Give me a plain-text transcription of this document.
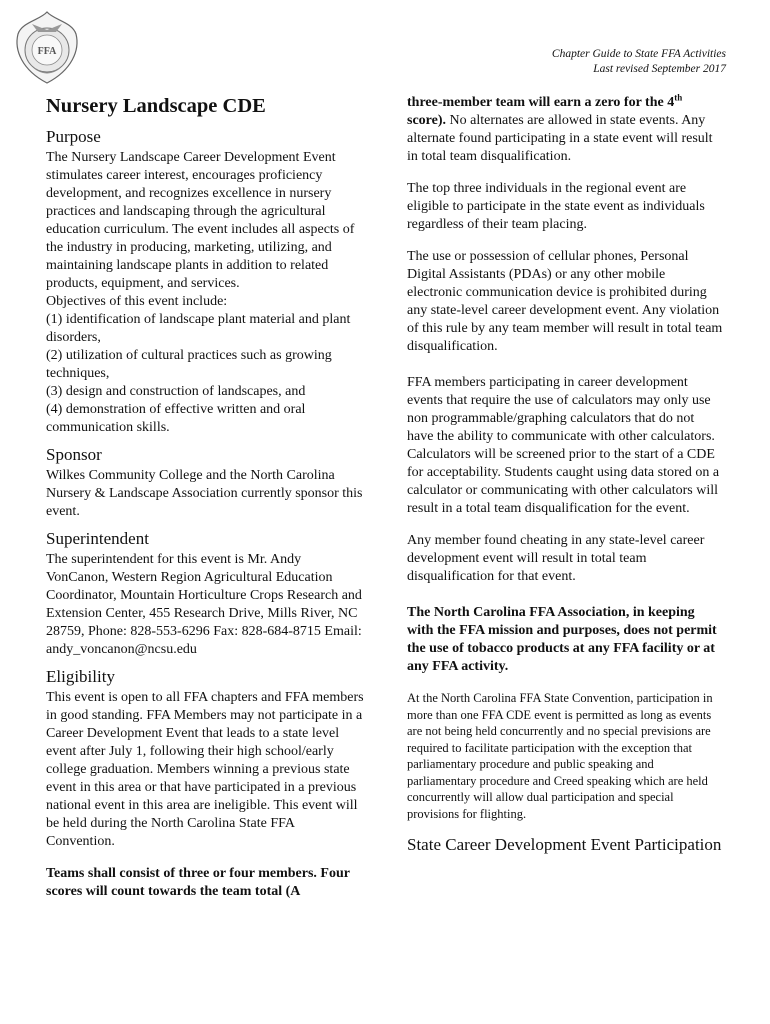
FFA	Chapter Guide to State FFA Activities
Last revised September 2017
Nursery Landscape CDE
Purpose

The Nursery Landscape Career Development Event stimulates career interest, encourages proficiency development, and recognizes excellence in nursery practices and landscaping through the agricultural education curriculum. The event includes all aspects of the industry in producing, marketing, utilizing, and maintaining landscape plants in addition to related products, equipment, and services.

Objectives of this event include:

(1) identification of landscape plant material and plant disorders,

(2) utilization of cultural practices such as growing techniques,

(3) design and construction of landscapes, and

(4) demonstration of effective written and oral communication skills.

Sponsor

Wilkes Community College and the North Carolina Nursery & Landscape Association currently sponsor this event.

Superintendent

The superintendent for this event is Mr. Andy VonCanon, Western Region Agricultural Education Coordinator, Mountain Horticulture Crops Research and Extension Center, 455 Research Drive, Mills River, NC 28759, Phone: 828-553-6296 Fax: 828-684-8715 Email: andy_voncanon@ncsu.edu

Eligibility

This event is open to all FFA chapters and FFA members in good standing. FFA Members may not participate in a Career Development Event that leads to a state level event after July 1, following their high school/early college graduation. Members winning a previous state event in this area or that have participated in a previous national event in this area are ineligible. This event will be held during the North Carolina State FFA Convention.

Teams shall consist of three or four members. Four scores will count towards the team total (A

three-member team will earn a zero for the 4th score). No alternates are allowed in state events. Any alternate found participating in a state event will result in total team disqualification.

The top three individuals in the regional event are eligible to participate in the state event as individuals regardless of their team placing.

The use or possession of cellular phones, Personal Digital Assistants (PDAs) or any other mobile electronic communication device is prohibited during any state-level career development event. Any violation of this rule by any team member will result in total team disqualification.

FFA members participating in career development events that require the use of calculators may only use non programmable/graphing calculators that do not have the ability to communicate with other calculators. Calculators will be screened prior to the start of a CDE for acceptability. Students caught using data stored on a calculator or communicating with other calculators will result in a total team disqualification for the event.

Any member found cheating in any state-level career development event will result in total team disqualification for that event.

The North Carolina FFA Association, in keeping with the FFA mission and purposes, does not permit the use of tobacco products at any FFA facility or at any FFA activity.

At the North Carolina FFA State Convention, participation in more than one FFA CDE event is permitted as long as events are not being held concurrently and no special previsions are required to facilitate participation with the exception that parliamentary procedure and public speaking and parliamentary procedure and Creed speaking which are held concurrently will allow dual participation and special provisions for flighting.

State Career Development Event Participation
